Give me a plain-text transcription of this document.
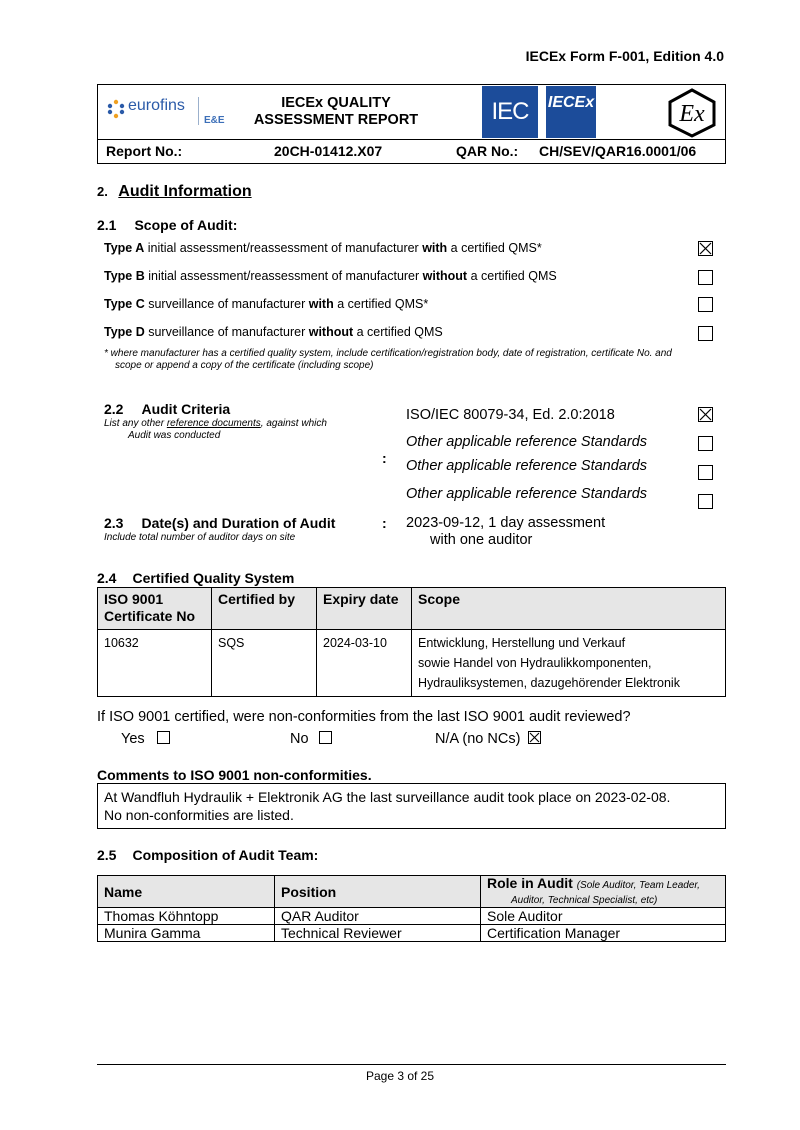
IECEx Form F-001, Edition 4.0
eurofins
E&E
IECEx QUALITY
ASSESSMENT REPORT	IEC	IECEx	Ex
Report No.:	20CH-01412.X07	QAR No.: CH/SEV/QAR16.0001/06
2. Audit Information
2.1 Scope of Audit:
Type A initial assessment/reassessment of manufacturer with a certified QMS*
Type B initial assessment/reassessment of manufacturer without a certified QMS
Type C surveillance of manufacturer with a certified QMS*
Type D surveillance of manufacturer without a certified QMS
* where manufacturer has a certified quality system, include certification/registration body, date of registration, certificate No. and
scope or append a copy of the certificate (including scope)
2.2 Audit Criteria
List any other reference documents, against which
Audit was conducted
:
ISO/IEC 80079-34, Ed. 2.0:2018
Other applicable reference Standards
Other applicable reference Standards
Other applicable reference Standards
2.3 Date(s) and Duration of Audit
Include total number of auditor days on site
: 2023-09-12, 1 day assessment
with one auditor
2.4 Certified Quality System
ISO 9001 Certificate No	Certified by	Expiry date	Scope
10632	SQS	2024-03-10	Entwicklung, Herstellung und Verkauf
sowie Handel von Hydraulikkomponenten,
Hydrauliksystemen, dazugehörender Elektronik
If ISO 9001 certified, were non-conformities from the last ISO 9001 audit reviewed?
Yes	No	N/A (no NCs)
Comments to ISO 9001 non-conformities.
At Wandfluh Hydraulik + Elektronik AG the last surveillance audit took place on 2023-02-08.
No non-conformities are listed.
2.5 Composition of Audit Team:
Name	Position	Role in Audit (Sole Auditor, Team Leader,
Auditor, Technical Specialist, etc)
Thomas Köhntopp	QAR Auditor	Sole Auditor
Munira Gamma	Technical Reviewer	Certification Manager
Page 3 of 25
